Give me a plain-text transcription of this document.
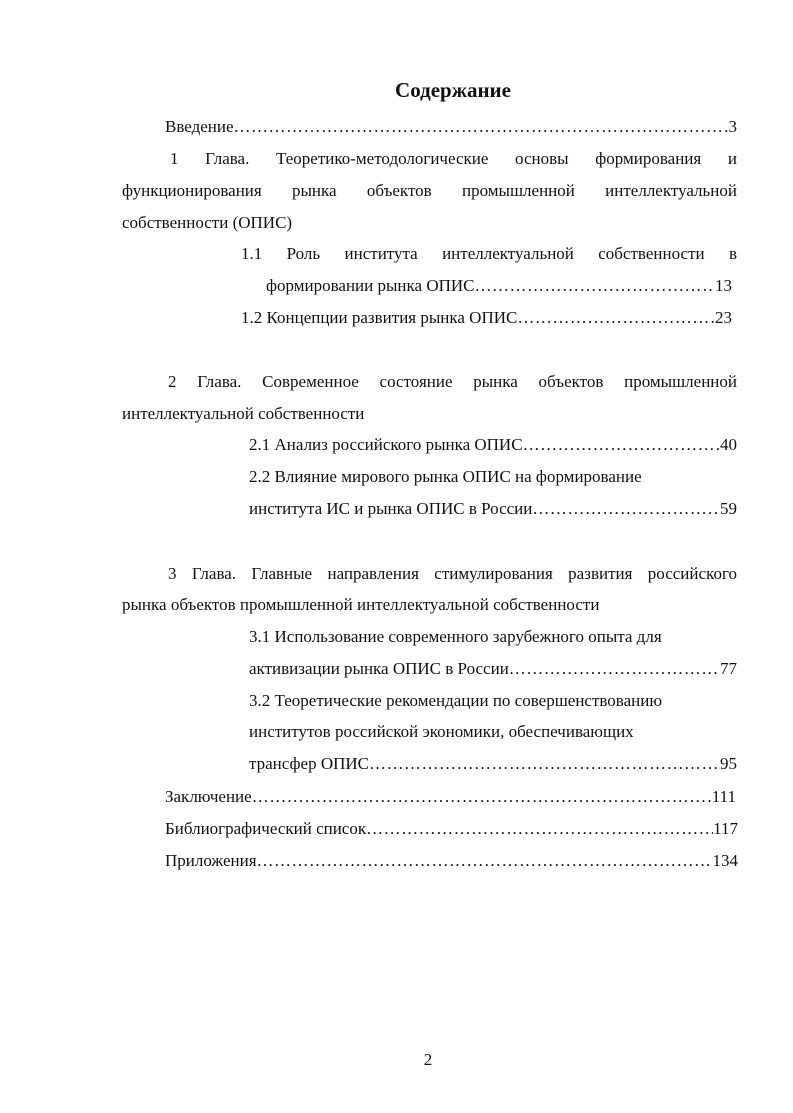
Содержание
Введение ………………………………………………………………………………………………………………………………………………………………………………	3
1 Глава. Теоретико-методологические основы формирования и
функционирования рынка объектов промышленной интеллектуальной
собственности (ОПИС)
1.1 Роль института интеллектуальной собственности в
формировании рынка ОПИС ………………………………………………………………………………………………………………………………………………………………………………	13
1.2 Концепции развития рынка ОПИС ………………………………………………………………………………………………………………………………………………………………………………	23
2 Глава. Современное состояние рынка объектов промышленной
интеллектуальной собственности
2.1 Анализ российского рынка ОПИС ………………………………………………………………………………………………………………………………………………………………………………	40
2.2 Влияние мирового рынка ОПИС на формирование
института ИС и рынка ОПИС в России ………………………………………………………………………………………………………………………………………………………………………………	59
3 Глава. Главные направления стимулирования развития российского
рынка объектов промышленной интеллектуальной собственности
3.1 Использование современного зарубежного опыта для
активизации рынка ОПИС в России ………………………………………………………………………………………………………………………………………………………………………………	77
3.2 Теоретические рекомендации по совершенствованию
институтов российской экономики, обеспечивающих
трансфер ОПИС ………………………………………………………………………………………………………………………………………………………………………………	95
Заключение ………………………………………………………………………………………………………………………………………………………………………………	111
Библиографический список ………………………………………………………………………………………………………………………………………………………………………………	117
Приложения ………………………………………………………………………………………………………………………………………………………………………………	134
2
